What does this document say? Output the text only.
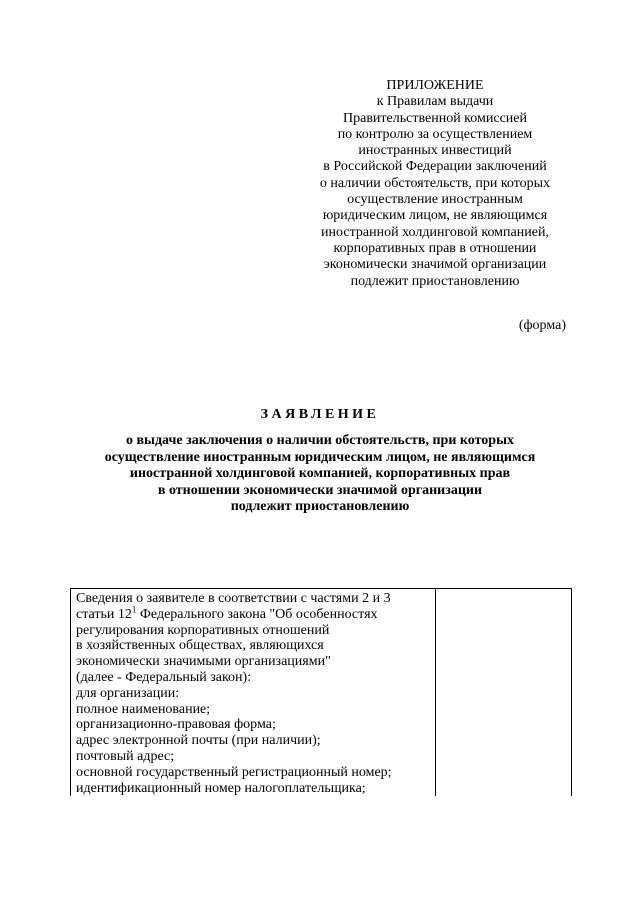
ПРИЛОЖЕНИЕ
к Правилам выдачи
Правительственной комиссией
по контролю за осуществлением
иностранных инвестиций
в Российской Федерации заключений
о наличии обстоятельств, при которых
осуществление иностранным
юридическим лицом, не являющимся
иностранной холдинговой компанией,
корпоративных прав в отношении
экономически значимой организации
подлежит приостановлению
(форма)
ЗАЯВЛЕНИЕ
о выдаче заключения о наличии обстоятельств, при которых
осуществление иностранным юридическим лицом, не являющимся
иностранной холдинговой компанией, корпоративных прав
в отношении экономически значимой организации
подлежит приостановлению
Сведения о заявителе в соответствии с частями 2 и 3
статьи $12^1$ Федерального закона "Об особенностях
регулирования корпоративных отношений
в хозяйственных обществах, являющихся
экономически значимыми организациями"
(далее - Федеральный закон):
для организации:
полное наименование;
организационно-правовая форма;
адрес электронной почты (при наличии);
почтовый адрес;
основной государственный регистрационный номер;
идентификационный номер налогоплательщика;
